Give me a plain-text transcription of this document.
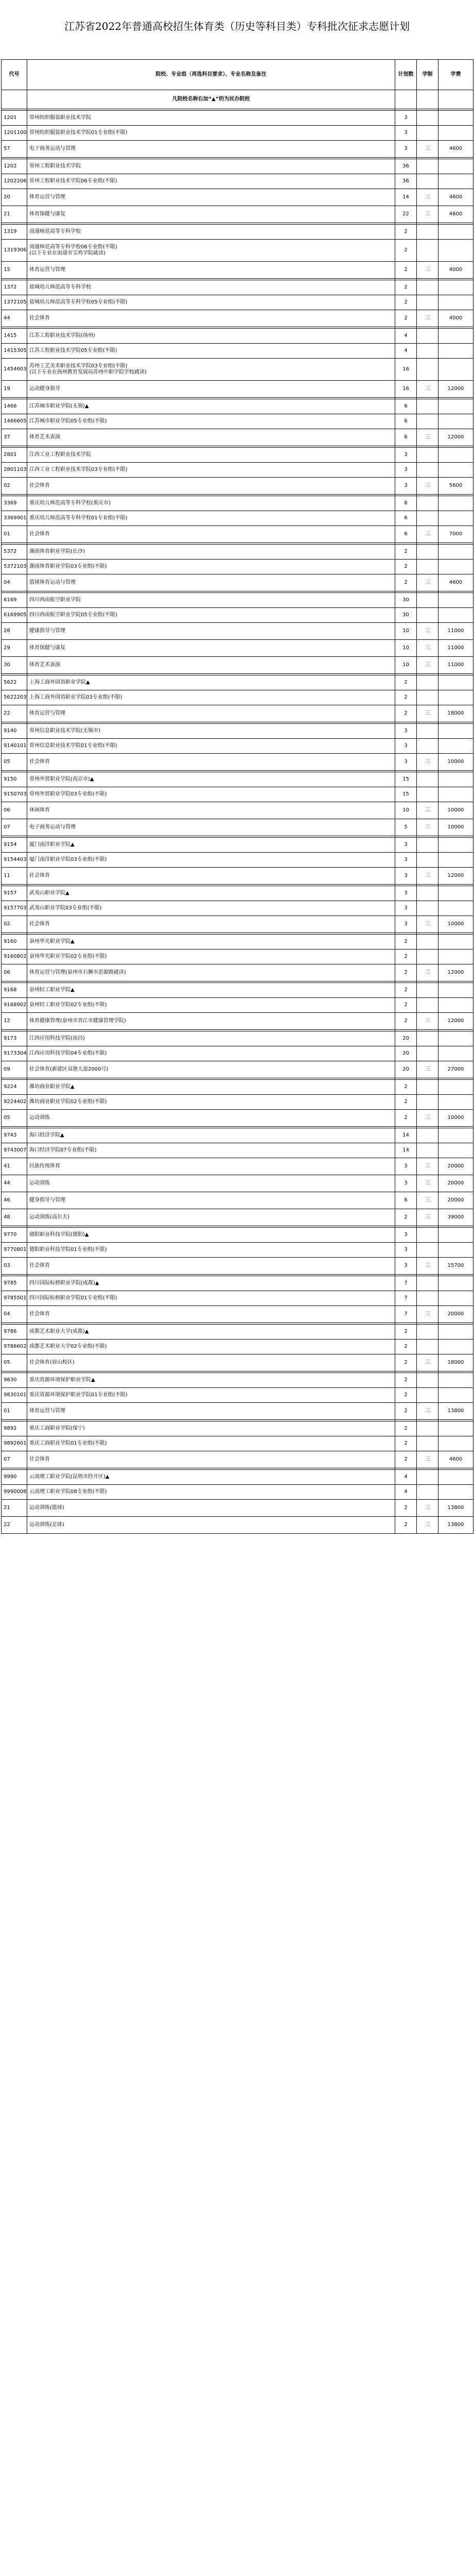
江苏省2022年普通高校招生体育类（历史等科目类）专科批次征求志愿计划
代号	院校、专业组（再选科目要求）、专业名称及备注	计划数	学制	学费
	凡院校名称右加“▲”的为民办院校			

1201	常州纺织服装职业技术学院	3		
1201100	常州纺织服装职业技术学院01专业组(不限)	3		
57	电子商务运动与管理	3	三	4600

1202	常州工程职业技术学院	36		
1202206	常州工程职业技术学院06专业组(不限)	36		
20	体育运营与管理	14	三	4600
21	体育保健与康复	22	三	4600

1319	南通师范高等专科学校	2		
1319306	南通师范高等专科学校06专业组(不限)
(以下专业在南通市宝鸡学院就读)	2		
15	体育运营与管理	2	三	4000

1372	盐城幼儿师范高等专科学校	2		
1372105	盐城幼儿师范高等专科学校05专业组(不限)	2		
44	社会体育	2	三	4000

1415	江苏工程职业技术学院(扬州)	4		
1415305	江苏工程职业技术学院05专业组(不限)	4		
1454603	苏州工艺美术职业技术学院03专业组(不限)
(以下专业在扬州教育发展局苏州中职学院学校就读)	16		
19	运动健身指导	16	三	12000

1466	江苏城市职业学院(无锡)▲	6		
1466605	江苏城市职业学院05专业组(不限)	6		
37	体育艺术表演	6	三	12000

2801	江西工业工程职业技术学院	3		
2801103	江西工业工程职业技术学院03专业组(不限)	3		
02	社会体育	3	三	5600

3369	重庆幼儿师范高等专科学校(重庆市)	6		
3369901	重庆幼儿师范高等专科学校01专业组(不限)	6		
01	社会体育	6	三	7000

5372	湖南体育职业学院(长沙)	2		
5372103	湖南体育职业学院03专业组(不限)	2		
04	篮球体育运动与管理	2	三	4600

6169	四川西南航空职业学院	30		
6169905	四川西南航空职业学院05专业组(不限)	30		
28	健康指导与管理	10	三	11000
29	体育保健与康复	10	三	11000
30	体育艺术表演	10	三	11000

5622	上海工商外国语职业学院▲	2		
5622203	上海工商外国语职业学院03专业组(不限)	2		
22	体育运营与管理	2	三	18000

9140	常州信息职业技术学院(无锡市)	3		
9140101	常州信息职业技术学院01专业组(不限)	3		
05	社会体育	3	三	10000

9150	常州外贸职业学院(南京市)▲	15		
9150703	常州外贸职业学院03专业组(不限)	15		
06	休闲体育	10	三	10000
07	电子商务运动与管理	5	三	10000

9154	厦门南洋职业学院▲	3		
9154403	厦门南洋职业学院03专业组(不限)	3		
11	社会体育	3	三	12000

9157	武夷山职业学院▲	3		
9157703	武夷山职业学院03专业组(不限)	3		
02	社会体育	3	三	10000

9160	泉州华光职业学院▲	2		
9160802	泉州华光职业学院02专业组(不限)	2		
06	体育运营与管理(泉州市石狮市思源路就读)	2	三	12000

9168	泉州轻工职业学院▲	2		
9168902	泉州轻工职业学院02专业组(不限)	2		
12	体育健康管理(泉州市晋江市健康管理学院)	2	三	12000

9173	江西应用科技学院(南昌)	20		
9173304	江西应用科技学院04专业组(不限)	20		
09	社会体育(新建区双港大道2000号)	20	三	27000

9224	潍坊商业职业学院▲	2		
9224402	潍坊商业职业学院02专业组(不限)	2		
05	运动训练	2	三	10000

9743	海口经济学院▲	14		
9743007	海口经济学院07专业组(不限)	14		
41	民族传统体育	3	三	20000
44	运动训练	3	三	20000
46	健身指导与管理	6	三	20000
48	运动训练(高尔夫)	2	三	39000

9770	德阳职业科技学院(德阳)▲	3		
9770801	德阳职业科技学院01专业组(不限)	3		
03	社会体育	3	三	15700

9785	四川国际标榜职业学院(成都)▲	7		
9785501	四川国际标榜职业学院01专业组(不限)	7		
04	社会体育	7	三	20000

9786	成都艺术职业大学(成都)▲	2		
9786602	成都艺术职业大学02专业组(不限)	2		
05	社会体育(眉山校区)	2	三	18000

9830	重庆资源环境保护职业学院▲	2		
9830101	重庆资源环境保护职业学院01专业组(不限)	2		
01	体育运营与管理	2	三	13800

9892	重庆工商职业学院(保宁)	2		
9892601	重庆工商职业学院01专业组(不限)	2		
07	社会体育	2	三	4600

9990	云南理工职业学院(昆明市经开区)▲	4		
9990008	云南理工职业学院08专业组(不限)	4		
21	运动训练(篮球)	2	三	13800
22	运动训练(足球)	2	三	13800
